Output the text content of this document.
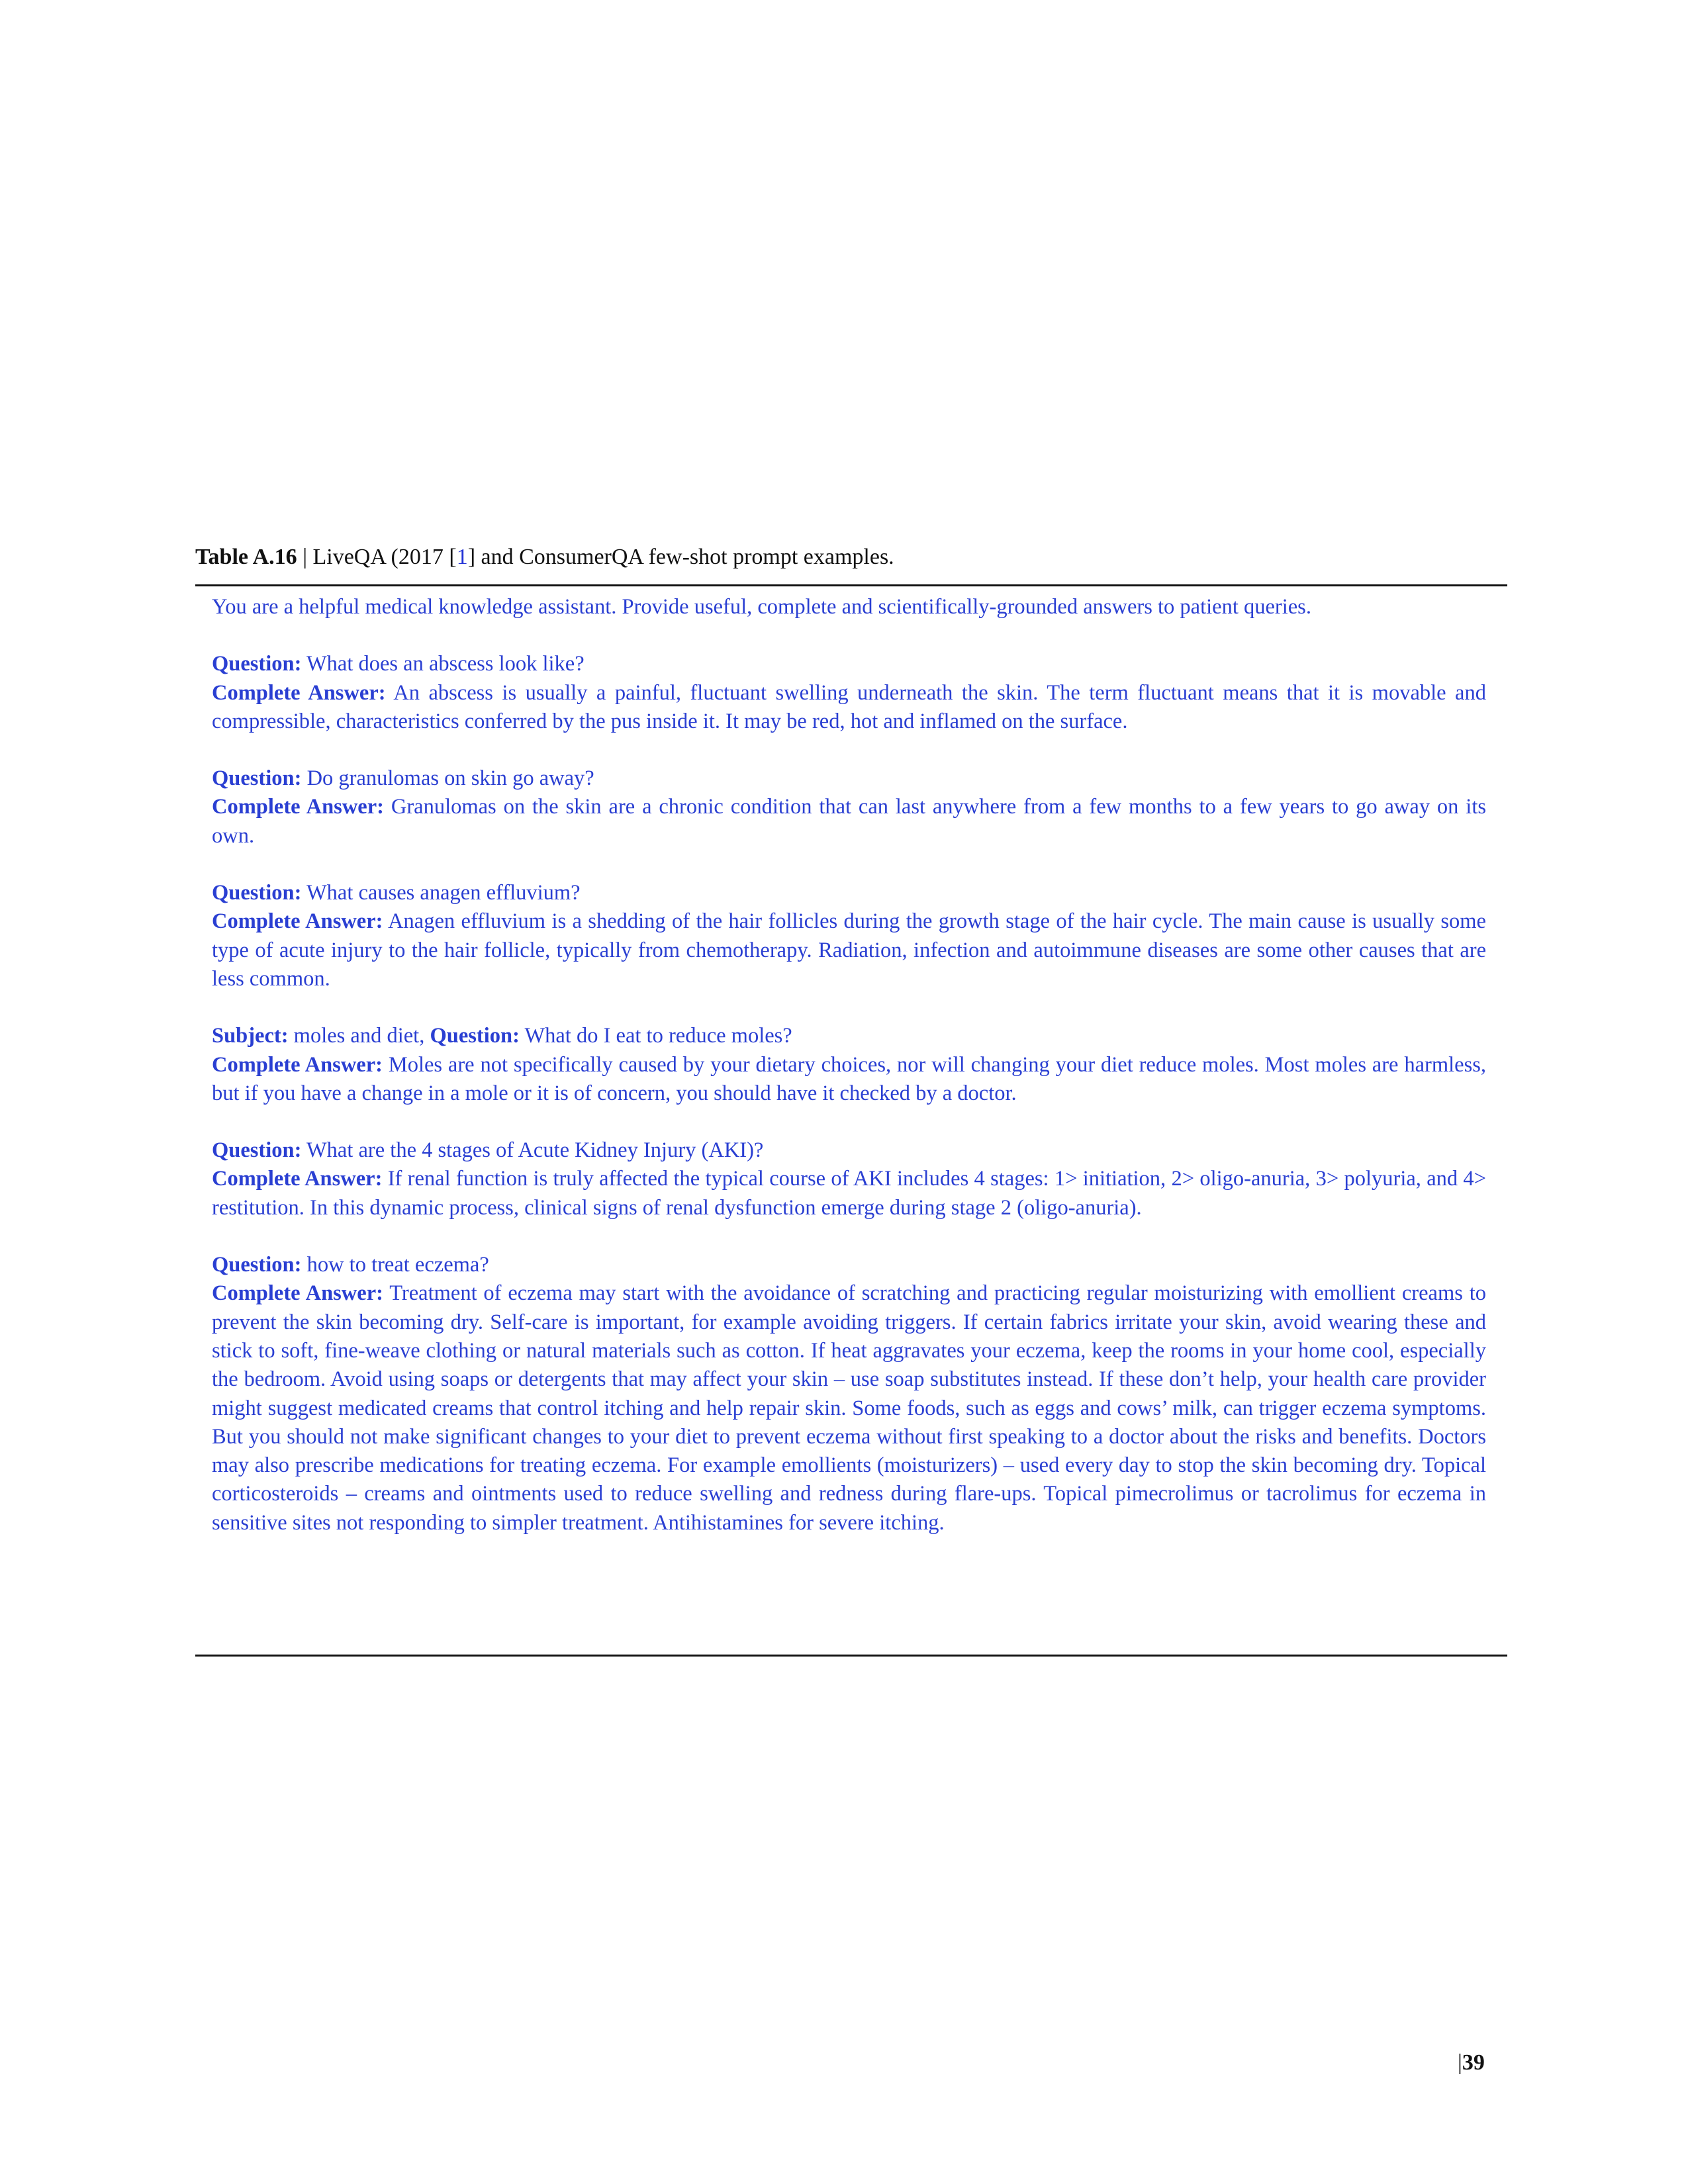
Table A.16 | LiveQA (2017 [1] and ConsumerQA few-shot prompt examples.

You are a helpful medical knowledge assistant. Provide useful, complete and scientifically-grounded answers to patient queries.

Question: What does an abscess look like?

Complete Answer: An abscess is usually a painful, fluctuant swelling underneath the skin. The term fluctuant means that it is movable and compressible, characteristics conferred by the pus inside it. It may be red, hot and inflamed on the surface.

Question: Do granulomas on skin go away?

Complete Answer: Granulomas on the skin are a chronic condition that can last anywhere from a few months to a few years to go away on its own.

Question: What causes anagen effluvium?

Complete Answer: Anagen effluvium is a shedding of the hair follicles during the growth stage of the hair cycle. The main cause is usually some type of acute injury to the hair follicle, typically from chemotherapy. Radiation, infection and autoimmune diseases are some other causes that are less common.

Subject: moles and diet, Question: What do I eat to reduce moles?

Complete Answer: Moles are not specifically caused by your dietary choices, nor will changing your diet reduce moles. Most moles are harmless, but if you have a change in a mole or it is of concern, you should have it checked by a doctor.

Question: What are the 4 stages of Acute Kidney Injury (AKI)?

Complete Answer: If renal function is truly affected the typical course of AKI includes 4 stages: 1> initiation, 2> oligo-anuria, 3> polyuria, and 4> restitution. In this dynamic process, clinical signs of renal dysfunction emerge during stage 2 (oligo-anuria).

Question: how to treat eczema?

Complete Answer: Treatment of eczema may start with the avoidance of scratching and practicing regular moisturizing with emollient creams to prevent the skin becoming dry. Self-care is important, for example avoiding triggers. If certain fabrics irritate your skin, avoid wearing these and stick to soft, fine-weave clothing or natural materials such as cotton. If heat aggravates your eczema, keep the rooms in your home cool, especially the bedroom. Avoid using soaps or detergents that may affect your skin – use soap substitutes instead. If these don’t help, your health care provider might suggest medicated creams that control itching and help repair skin. Some foods, such as eggs and cows’ milk, can trigger eczema symptoms. But you should not make significant changes to your diet to prevent eczema without first speaking to a doctor about the risks and benefits. Doctors may also prescribe medications for treating eczema. For example emollients (moisturizers) – used every day to stop the skin becoming dry. Topical corticosteroids – creams and ointments used to reduce swelling and redness during flare-ups. Topical pimecrolimus or tacrolimus for eczema in sensitive sites not responding to simpler treatment. Antihistamines for severe itching.

|39
